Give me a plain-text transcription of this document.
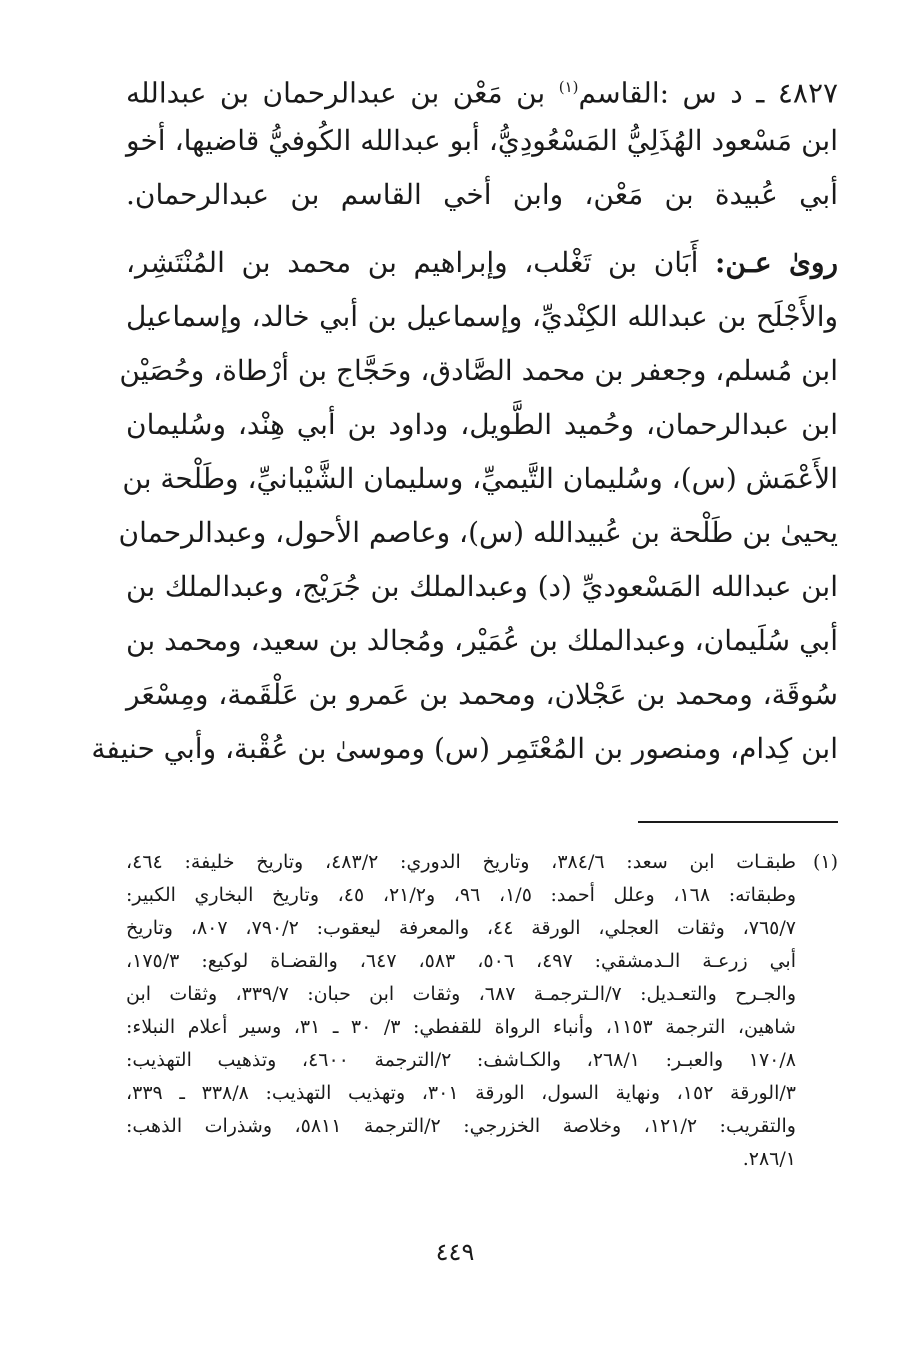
٤٨٢٧ ـ د س :القاسم$^{(١)}$ بن مَعْن بن عبدالرحمان بن عبدالله
ابن مَسْعود الهُذَلِيُّ المَسْعُودِيُّ، أبو عبدالله الكُوفيُّ قاضيها، أخو
أبي عُبيدة بن مَعْن، وابن أخي القاسم بن عبدالرحمان.
روىٰ عـن: أَبَان بن تَغْلب، وإبراهيم بن محمد بن المُنْتَشِر،
والأَجْلَح بن عبدالله الكِنْديِّ، وإسماعيل بن أبي خالد، وإسماعيل
ابن مُسلم، وجعفر بن محمد الصَّادق، وحَجَّاج بن أرْطاة، وحُصَيْن
ابن عبدالرحمان، وحُميد الطَّويل، وداود بن أبي هِنْد، وسُليمان
الأَعْمَش (س)، وسُليمان التَّيميِّ، وسليمان الشَّيْبانيِّ، وطَلْحة بن
يحيىٰ بن طَلْحة بن عُبيدالله (س)، وعاصم الأحول، وعبدالرحمان
ابن عبدالله المَسْعوديِّ (د) وعبدالملك بن جُرَيْج، وعبدالملك بن
أبي سُلَيمان، وعبدالملك بن عُمَيْر، ومُجالد بن سعيد، ومحمد بن
سُوقَة، ومحمد بن عَجْلان، ومحمد بن عَمرو بن عَلْقَمة، ومِسْعَر
ابن كِدام، ومنصور بن المُعْتَمِر (س) وموسىٰ بن عُقْبة، وأبي حنيفة
(١)طبقـات ابن سعد: ٣٨٤/٦، وتاريخ الدوري: ٤٨٣/٢، وتاريخ خليفة: ٤٦٤،
وطبقاته: ١٦٨، وعلل أحمد: ١/٥، ٩٦، و٢١/٢، ٤٥، وتاريخ البخاري الكبير:
٧٦٥/٧، وثقات العجلي، الورقة ٤٤، والمعرفة ليعقوب: ٧٩٠/٢، ٨٠٧، وتاريخ
أبي زرعـة الـدمشقي: ٤٩٧، ٥٠٦، ٥٨٣، ٦٤٧، والقضـاة لوكيع: ١٧٥/٣،
والجـرح والتعـديل: ٧/الـترجمـة ٦٨٧، وثقات ابن حبان: ٣٣٩/٧، وثقات ابن
شاهين، الترجمة ١١٥٣، وأنباء الرواة للقفطي: ٣/ ٣٠ ـ ٣١، وسير أعلام النبلاء:
١٧٠/٨ والعبـر: ٢٦٨/١، والكـاشف: ٢/الترجمة ٤٦٠٠، وتذهيب التهذيب:
٣/الورقة ١٥٢، ونهاية السول، الورقة ٣٠١، وتهذيب التهذيب: ٣٣٨/٨ ـ ٣٣٩،
والتقريب: ١٢١/٢، وخلاصة الخزرجي: ٢/الترجمة ٥٨١١، وشذرات الذهب:
٢٨٦/١.
٤٤٩
